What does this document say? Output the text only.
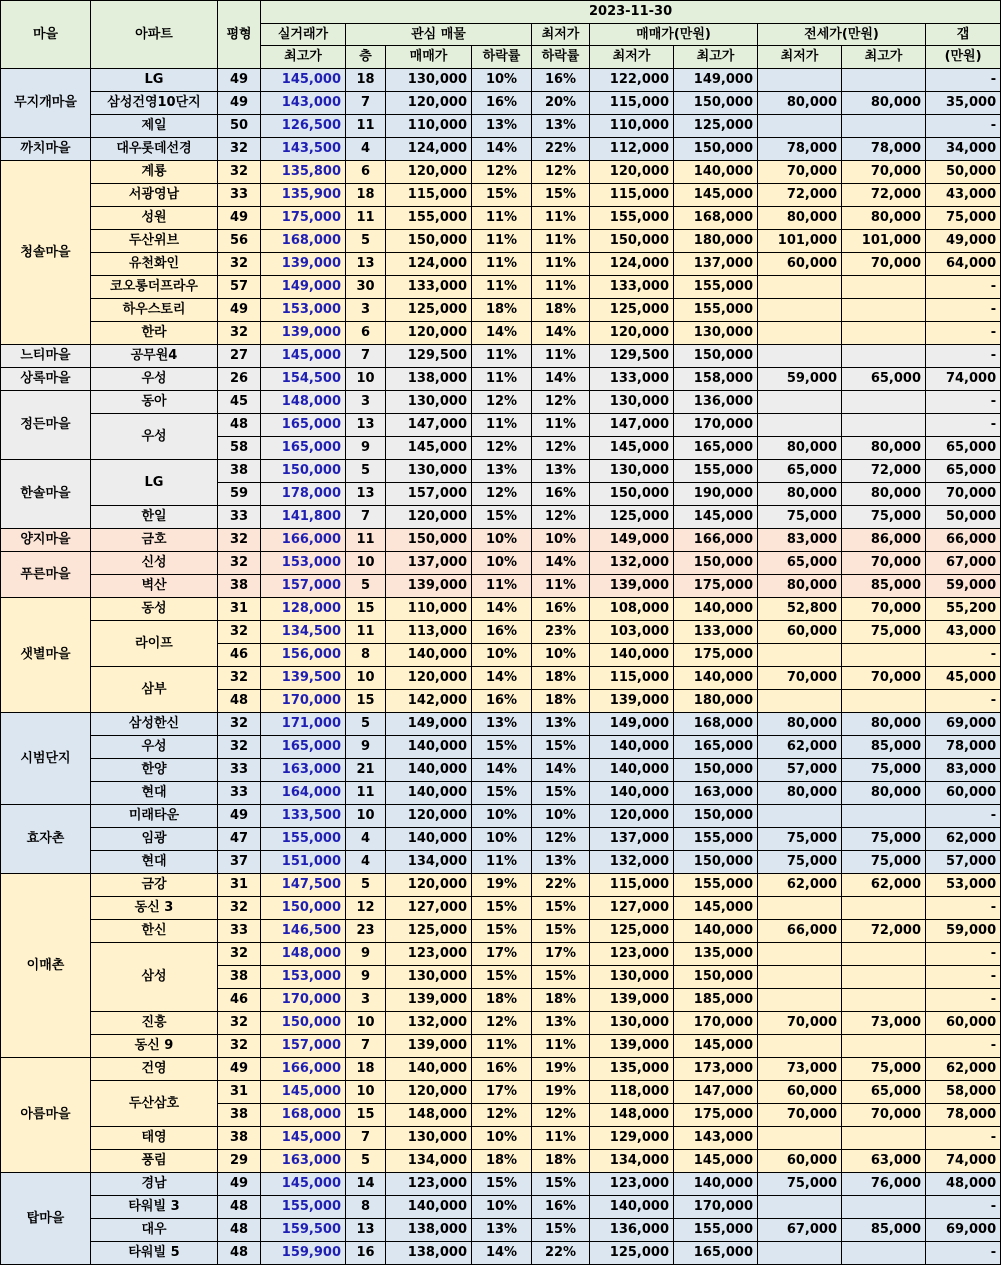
마을	아파트	평형	2023-11-30									
			실거래가	관심 매물			최저가	매매가(만원)		전세가(만원)		갭
			최고가	층	매매가	하락률	하락률	최저가	최고가	최저가	최고가	(만원)
무지개마을	LG	49	145,000	18	130,000	10%	16%	122,000	149,000			-
	삼성건영10단지	49	143,000	7	120,000	16%	20%	115,000	150,000	80,000	80,000	35,000
	제일	50	126,500	11	110,000	13%	13%	110,000	125,000			-
까치마을	대우롯데선경	32	143,500	4	124,000	14%	22%	112,000	150,000	78,000	78,000	34,000
청솔마을	계룡	32	135,800	6	120,000	12%	12%	120,000	140,000	70,000	70,000	50,000
	서광영남	33	135,900	18	115,000	15%	15%	115,000	145,000	72,000	72,000	43,000
	성원	49	175,000	11	155,000	11%	11%	155,000	168,000	80,000	80,000	75,000
	두산위브	56	168,000	5	150,000	11%	11%	150,000	180,000	101,000	101,000	49,000
	유천화인	32	139,000	13	124,000	11%	11%	124,000	137,000	60,000	70,000	64,000
	코오롱더프라우	57	149,000	30	133,000	11%	11%	133,000	155,000			-
	하우스토리	49	153,000	3	125,000	18%	18%	125,000	155,000			-
	한라	32	139,000	6	120,000	14%	14%	120,000	130,000			-
느티마을	공무원4	27	145,000	7	129,500	11%	11%	129,500	150,000			-
상록마을	우성	26	154,500	10	138,000	11%	14%	133,000	158,000	59,000	65,000	74,000
정든마을	동아	45	148,000	3	130,000	12%	12%	130,000	136,000			-
	우성	48	165,000	13	147,000	11%	11%	147,000	170,000			-
		58	165,000	9	145,000	12%	12%	145,000	165,000	80,000	80,000	65,000
한솔마을	LG	38	150,000	5	130,000	13%	13%	130,000	155,000	65,000	72,000	65,000
		59	178,000	13	157,000	12%	16%	150,000	190,000	80,000	80,000	70,000
	한일	33	141,800	7	120,000	15%	12%	125,000	145,000	75,000	75,000	50,000
양지마을	금호	32	166,000	11	150,000	10%	10%	149,000	166,000	83,000	86,000	66,000
푸른마을	신성	32	153,000	10	137,000	10%	14%	132,000	150,000	65,000	70,000	67,000
	벽산	38	157,000	5	139,000	11%	11%	139,000	175,000	80,000	85,000	59,000
샛별마을	동성	31	128,000	15	110,000	14%	16%	108,000	140,000	52,800	70,000	55,200
	라이프	32	134,500	11	113,000	16%	23%	103,000	133,000	60,000	75,000	43,000
		46	156,000	8	140,000	10%	10%	140,000	175,000			-
	삼부	32	139,500	10	120,000	14%	18%	115,000	140,000	70,000	70,000	45,000
		48	170,000	15	142,000	16%	18%	139,000	180,000			-
시범단지	삼성한신	32	171,000	5	149,000	13%	13%	149,000	168,000	80,000	80,000	69,000
	우성	32	165,000	9	140,000	15%	15%	140,000	165,000	62,000	85,000	78,000
	한양	33	163,000	21	140,000	14%	14%	140,000	150,000	57,000	75,000	83,000
	현대	33	164,000	11	140,000	15%	15%	140,000	163,000	80,000	80,000	60,000
효자촌	미래타운	49	133,500	10	120,000	10%	10%	120,000	150,000			-
	임광	47	155,000	4	140,000	10%	12%	137,000	155,000	75,000	75,000	62,000
	현대	37	151,000	4	134,000	11%	13%	132,000	150,000	75,000	75,000	57,000
이매촌	금강	31	147,500	5	120,000	19%	22%	115,000	155,000	62,000	62,000	53,000
	동신 3	32	150,000	12	127,000	15%	15%	127,000	145,000			-
	한신	33	146,500	23	125,000	15%	15%	125,000	140,000	66,000	72,000	59,000
	삼성	32	148,000	9	123,000	17%	17%	123,000	135,000			-
		38	153,000	9	130,000	15%	15%	130,000	150,000			-
		46	170,000	3	139,000	18%	18%	139,000	185,000			-
	진흥	32	150,000	10	132,000	12%	13%	130,000	170,000	70,000	73,000	60,000
	동신 9	32	157,000	7	139,000	11%	11%	139,000	145,000			-
아름마을	건영	49	166,000	18	140,000	16%	19%	135,000	173,000	73,000	75,000	62,000
	두산삼호	31	145,000	10	120,000	17%	19%	118,000	147,000	60,000	65,000	58,000
		38	168,000	15	148,000	12%	12%	148,000	175,000	70,000	70,000	78,000
	태영	38	145,000	7	130,000	10%	11%	129,000	143,000			-
	풍림	29	163,000	5	134,000	18%	18%	134,000	145,000	60,000	63,000	74,000
탑마을	경남	49	145,000	14	123,000	15%	15%	123,000	140,000	75,000	76,000	48,000
	타워빌 3	48	155,000	8	140,000	10%	16%	140,000	170,000			-
	대우	48	159,500	13	138,000	13%	15%	136,000	155,000	67,000	85,000	69,000
	타워빌 5	48	159,900	16	138,000	14%	22%	125,000	165,000			-
